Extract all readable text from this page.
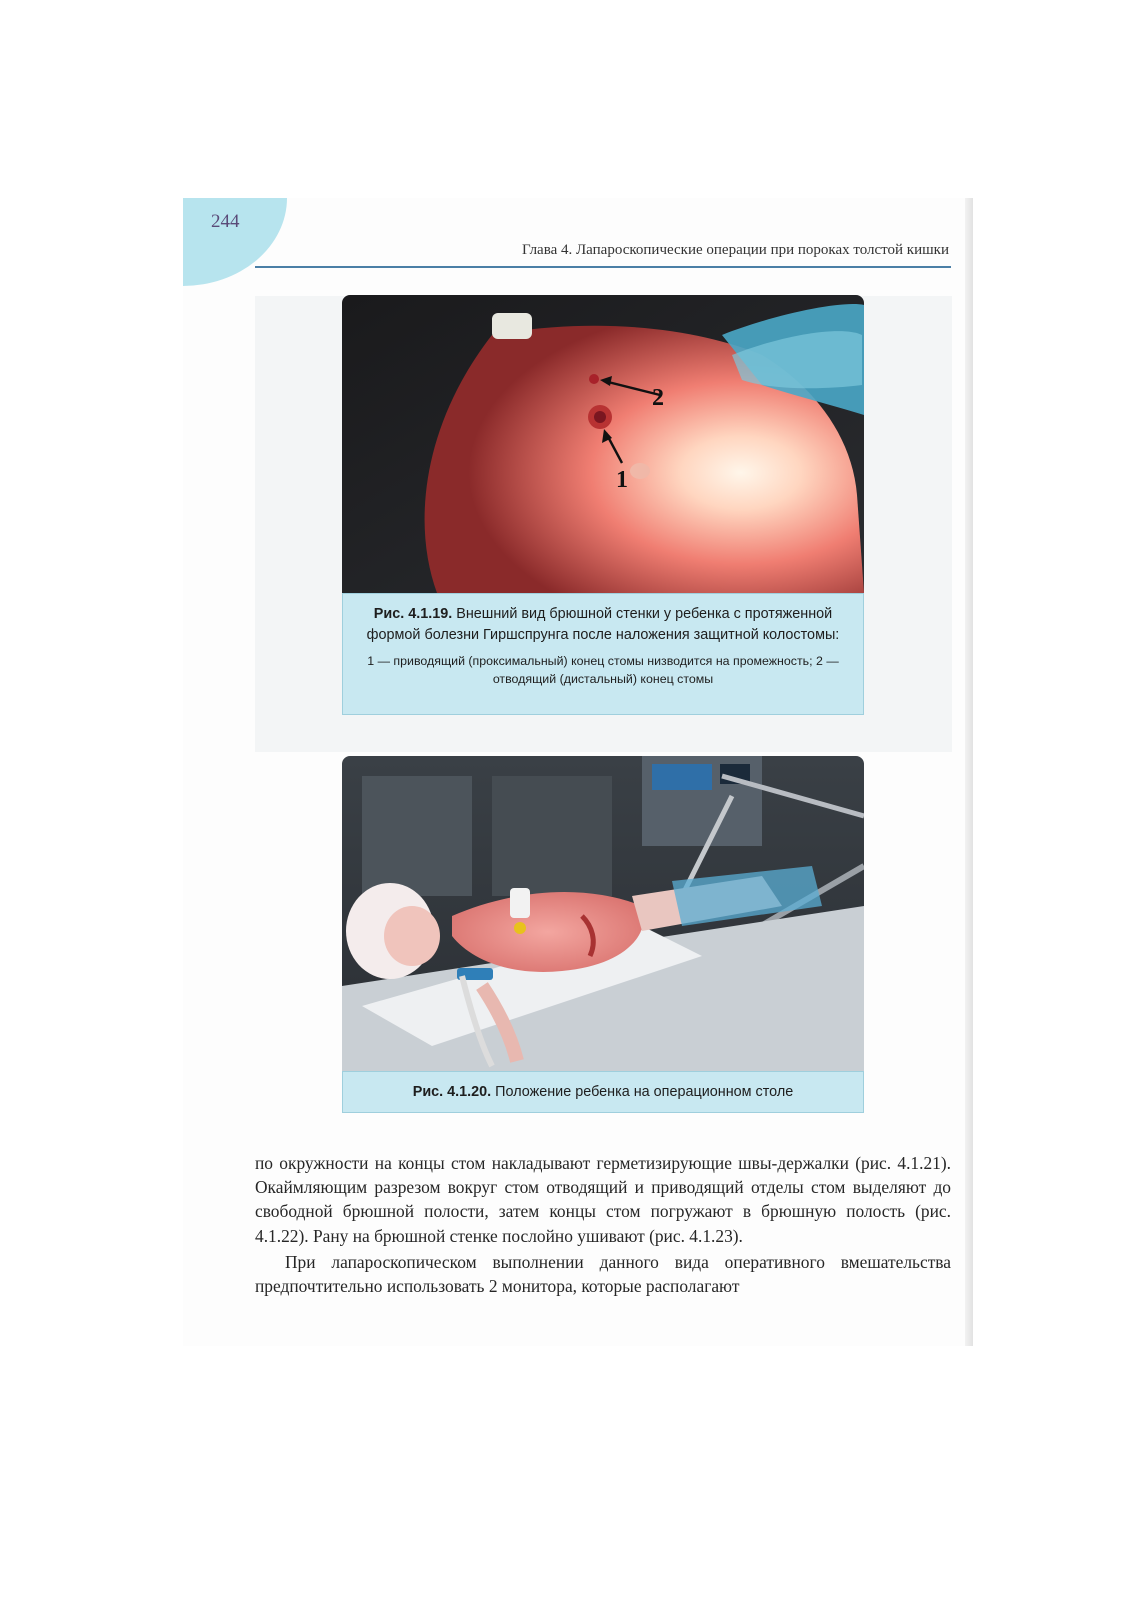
244
Глава 4. Лапароскопические операции при пороках толстой кишки
2
1
Рис. 4.1.19. Внешний вид брюшной стенки у ребенка с протяженной формой болезни Гиршспрунга после наложения защитной колостомы:
1 — приводящий (проксимальный) конец стомы низводится на промежность; 2 — отводящий (дистальный) конец стомы
Рис. 4.1.20. Положение ребенка на операционном столе

по окружности на концы стом накладывают герметизирующие швы-держалки (рис. 4.1.21). Окаймляющим разрезом вокруг стом отводящий и приводящий отделы стом выделяют до свободной брюшной полости, затем концы стом погружают в брюшную полость (рис. 4.1.22). Рану на брюшной стенке послойно ушивают (рис. 4.1.23).

При лапароскопическом выполнении данного вида оперативного вмешательства предпочтительно использовать 2 монитора, которые располагают
